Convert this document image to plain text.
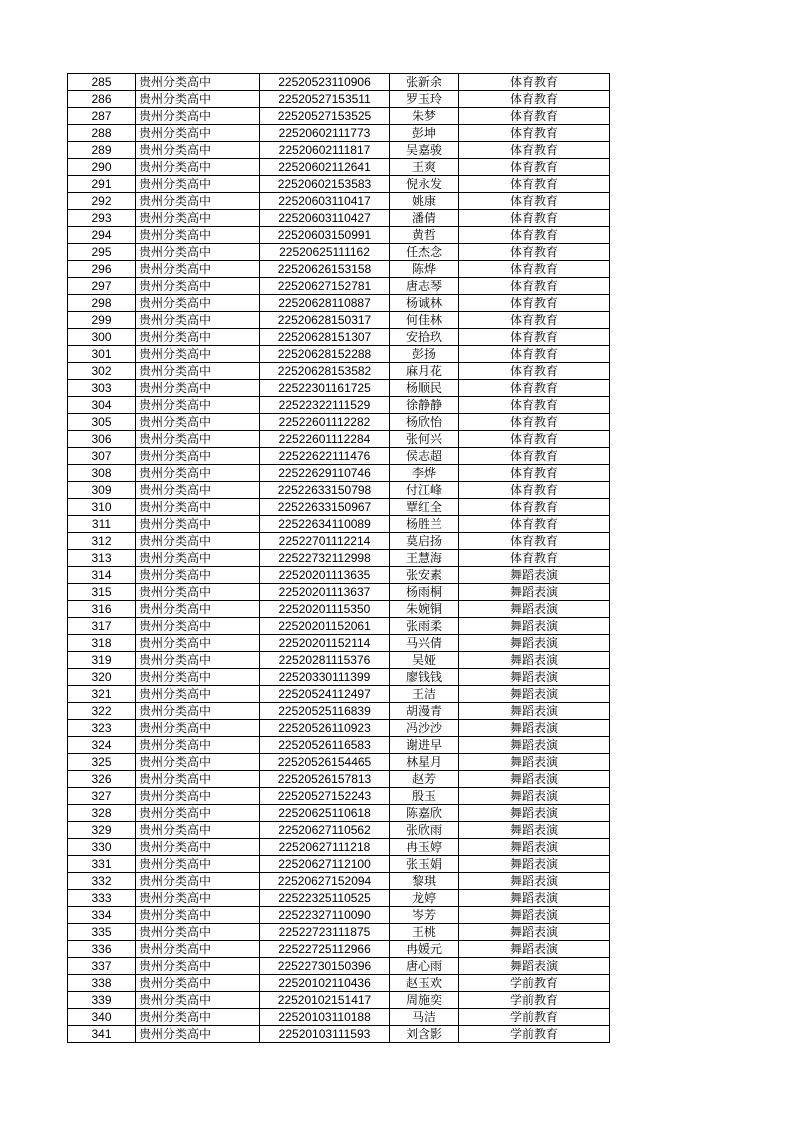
285	贵州分类高中	22520523110906	张新余	体育教育
286	贵州分类高中	22520527153511	罗玉玲	体育教育
287	贵州分类高中	22520527153525	朱梦	体育教育
288	贵州分类高中	22520602111773	彭坤	体育教育
289	贵州分类高中	22520602111817	吴嘉骏	体育教育
290	贵州分类高中	22520602112641	王爽	体育教育
291	贵州分类高中	22520602153583	倪永发	体育教育
292	贵州分类高中	22520603110417	姚康	体育教育
293	贵州分类高中	22520603110427	潘倩	体育教育
294	贵州分类高中	22520603150991	黄哲	体育教育
295	贵州分类高中	22520625111162	任杰念	体育教育
296	贵州分类高中	22520626153158	陈烨	体育教育
297	贵州分类高中	22520627152781	唐志琴	体育教育
298	贵州分类高中	22520628110887	杨诚林	体育教育
299	贵州分类高中	22520628150317	何佳林	体育教育
300	贵州分类高中	22520628151307	安拾玖	体育教育
301	贵州分类高中	22520628152288	彭扬	体育教育
302	贵州分类高中	22520628153582	麻月花	体育教育
303	贵州分类高中	22522301161725	杨顺民	体育教育
304	贵州分类高中	22522322111529	徐静静	体育教育
305	贵州分类高中	22522601112282	杨欣怡	体育教育
306	贵州分类高中	22522601112284	张何兴	体育教育
307	贵州分类高中	22522622111476	侯志超	体育教育
308	贵州分类高中	22522629110746	李烨	体育教育
309	贵州分类高中	22522633150798	付江峰	体育教育
310	贵州分类高中	22522633150967	覃红全	体育教育
311	贵州分类高中	22522634110089	杨胜兰	体育教育
312	贵州分类高中	22522701112214	莫启扬	体育教育
313	贵州分类高中	22522732112998	王慧海	体育教育
314	贵州分类高中	22520201113635	张安素	舞蹈表演
315	贵州分类高中	22520201113637	杨雨桐	舞蹈表演
316	贵州分类高中	22520201115350	朱婉铜	舞蹈表演
317	贵州分类高中	22520201152061	张雨柔	舞蹈表演
318	贵州分类高中	22520201152114	马兴倩	舞蹈表演
319	贵州分类高中	22520281115376	吴娅	舞蹈表演
320	贵州分类高中	22520330111399	廖钱钱	舞蹈表演
321	贵州分类高中	22520524112497	王洁	舞蹈表演
322	贵州分类高中	22520525116839	胡漫青	舞蹈表演
323	贵州分类高中	22520526110923	冯沙沙	舞蹈表演
324	贵州分类高中	22520526116583	谢进早	舞蹈表演
325	贵州分类高中	22520526154465	林星月	舞蹈表演
326	贵州分类高中	22520526157813	赵芳	舞蹈表演
327	贵州分类高中	22520527152243	殷玉	舞蹈表演
328	贵州分类高中	22520625110618	陈嘉欣	舞蹈表演
329	贵州分类高中	22520627110562	张欣雨	舞蹈表演
330	贵州分类高中	22520627111218	冉玉婷	舞蹈表演
331	贵州分类高中	22520627112100	张玉娟	舞蹈表演
332	贵州分类高中	22520627152094	黎琪	舞蹈表演
333	贵州分类高中	22522325110525	龙婷	舞蹈表演
334	贵州分类高中	22522327110090	岑芳	舞蹈表演
335	贵州分类高中	22522723111875	王桃	舞蹈表演
336	贵州分类高中	22522725112966	冉媛元	舞蹈表演
337	贵州分类高中	22522730150396	唐心雨	舞蹈表演
338	贵州分类高中	22520102110436	赵玉欢	学前教育
339	贵州分类高中	22520102151417	周施奕	学前教育
340	贵州分类高中	22520103110188	马洁	学前教育
341	贵州分类高中	22520103111593	刘含影	学前教育
